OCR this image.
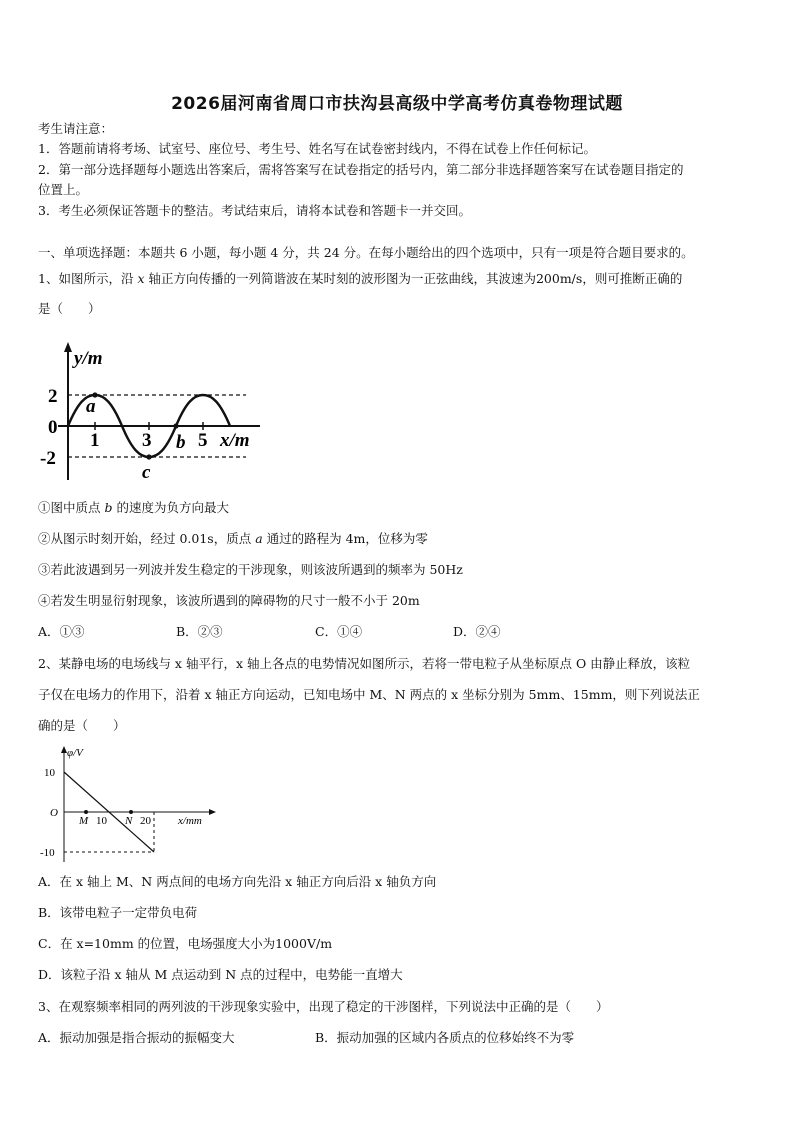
2026届河南省周口市扶沟县高级中学高考仿真卷物理试题
考生请注意：
1．答题前请将考场、试室号、座位号、考生号、姓名写在试卷密封线内，不得在试卷上作任何标记。
2．第一部分选择题每小题选出答案后，需将答案写在试卷指定的括号内，第二部分非选择题答案写在试卷题目指定的
位置上。
3．考生必须保证答题卡的整洁。考试结束后，请将本试卷和答题卡一并交回。
一、单项选择题：本题共 6 小题，每小题 4 分，共 24 分。在每小题给出的四个选项中，只有一项是符合题目要求的。
1、如图所示，沿 x 轴正方向传播的一列简谐波在某时刻的波形图为一正弦曲线，其波速为200m/s，则可推断正确的
是（　　）
y/m
x/m
2
0
-2
1 3 5
a
b
c
①图中质点 b 的速度为负方向最大
②从图示时刻开始，经过 0.01s，质点 a 通过的路程为 4m，位移为零
③若此波遇到另一列波并发生稳定的干涉现象，则该波所遇到的频率为 50Hz
④若发生明显衍射现象，该波所遇到的障碍物的尺寸一般不小于 20m
A．①③	B．②③	C．①④	D．②④
2、某静电场的电场线与 x 轴平行，x 轴上各点的电势情况如图所示，若将一带电粒子从坐标原点 O 由静止释放，该粒
子仅在电场力的作用下，沿着 x 轴正方向运动，已知电场中 M、N 两点的 x 坐标分别为 5mm、15mm，则下列说法正
确的是（　　）
φ/V
x/mm
10
-10
O
M 10 N 20
A．在 x 轴上 M、N 两点间的电场方向先沿 x 轴正方向后沿 x 轴负方向
B．该带电粒子一定带负电荷
C．在 x=10mm 的位置，电场强度大小为1000V/m
D．该粒子沿 x 轴从 M 点运动到 N 点的过程中，电势能一直增大
3、在观察频率相同的两列波的干涉现象实验中，出现了稳定的干涉图样，下列说法中正确的是（　　）
A．振动加强是指合振动的振幅变大	B．振动加强的区域内各质点的位移始终不为零
